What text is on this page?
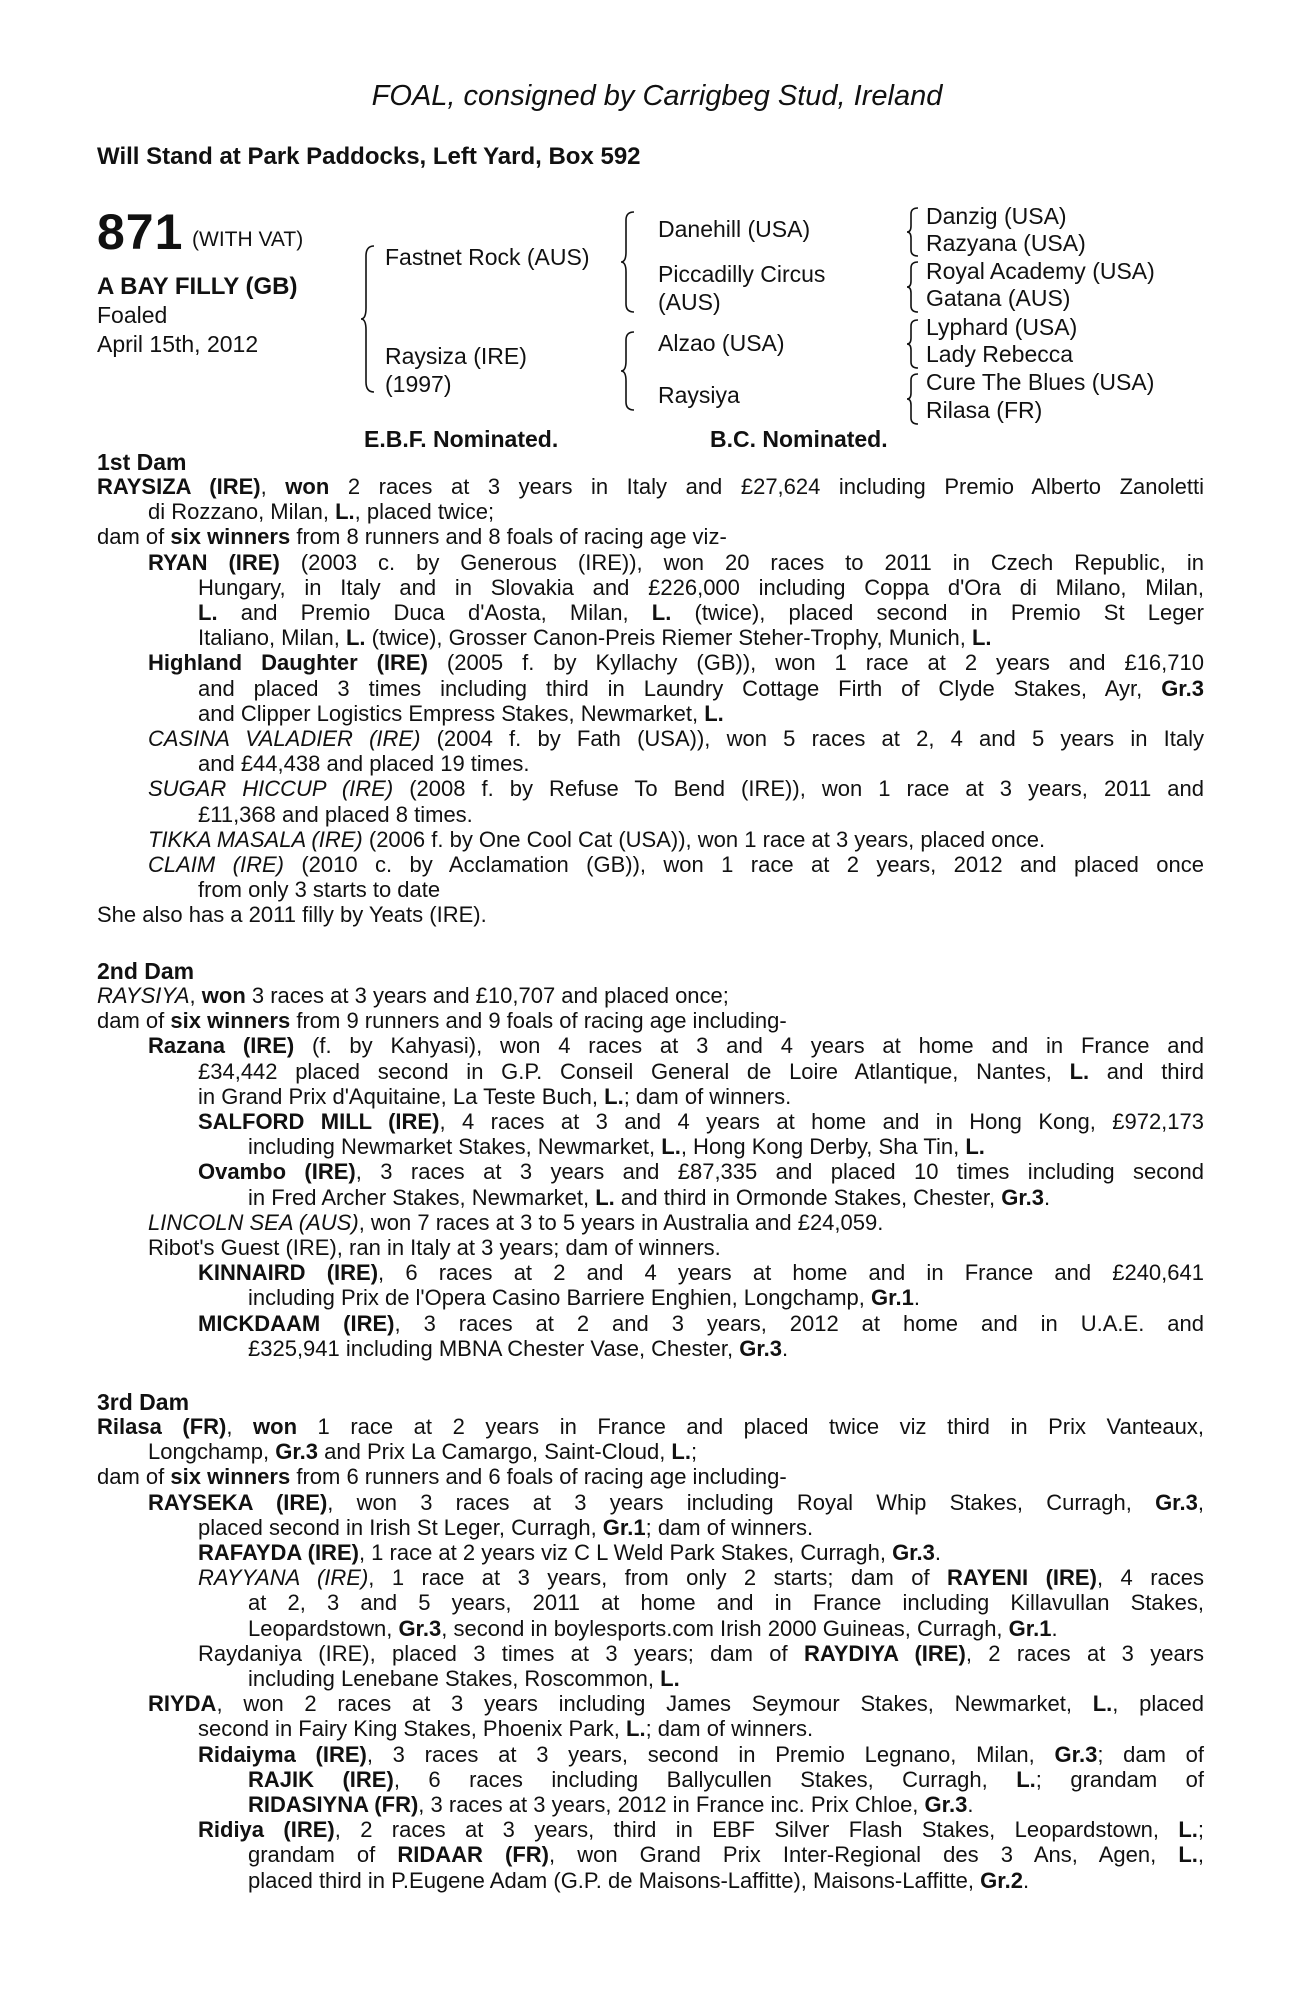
FOAL, consigned by Carrigbeg Stud, Ireland
Will Stand at Park Paddocks, Left Yard, Box 592
871 (WITH VAT)
A BAY FILLY (GB)
Foaled
April 15th, 2012
Fastnet Rock (AUS)
Raysiza (IRE)
(1997)
Danehill (USA)
Piccadilly Circus
(AUS)
Alzao (USA)
Raysiya
Danzig (USA)
Razyana (USA)
Royal Academy (USA)
Gatana (AUS)
Lyphard (USA)
Lady Rebecca
Cure The Blues (USA)
Rilasa (FR)
E.B.F. Nominated.	B.C. Nominated.
1st Dam
RAYSIZA (IRE), won 2 races at 3 years in Italy and £27,624 including Premio Alberto Zanoletti
di Rozzano, Milan, L., placed twice;
dam of six winners from 8 runners and 8 foals of racing age viz-
RYAN (IRE) (2003 c. by Generous (IRE)), won 20 races to 2011 in Czech Republic, in
Hungary, in Italy and in Slovakia and £226,000 including Coppa d'Ora di Milano, Milan,
L. and Premio Duca d'Aosta, Milan, L. (twice), placed second in Premio St Leger
Italiano, Milan, L. (twice), Grosser Canon-Preis Riemer Steher-Trophy, Munich, L.
Highland Daughter (IRE) (2005 f. by Kyllachy (GB)), won 1 race at 2 years and £16,710
and placed 3 times including third in Laundry Cottage Firth of Clyde Stakes, Ayr, Gr.3
and Clipper Logistics Empress Stakes, Newmarket, L.
CASINA VALADIER (IRE) (2004 f. by Fath (USA)), won 5 races at 2, 4 and 5 years in Italy
and £44,438 and placed 19 times.
SUGAR HICCUP (IRE) (2008 f. by Refuse To Bend (IRE)), won 1 race at 3 years, 2011 and
£11,368 and placed 8 times.
TIKKA MASALA (IRE) (2006 f. by One Cool Cat (USA)), won 1 race at 3 years, placed once.
CLAIM (IRE) (2010 c. by Acclamation (GB)), won 1 race at 2 years, 2012 and placed once
from only 3 starts to date
She also has a 2011 filly by Yeats (IRE).
2nd Dam
RAYSIYA, won 3 races at 3 years and £10,707 and placed once;
dam of six winners from 9 runners and 9 foals of racing age including-
Razana (IRE) (f. by Kahyasi), won 4 races at 3 and 4 years at home and in France and
£34,442 placed second in G.P. Conseil General de Loire Atlantique, Nantes, L. and third
in Grand Prix d'Aquitaine, La Teste Buch, L.; dam of winners.
SALFORD MILL (IRE), 4 races at 3 and 4 years at home and in Hong Kong, £972,173
including Newmarket Stakes, Newmarket, L., Hong Kong Derby, Sha Tin, L.
Ovambo (IRE), 3 races at 3 years and £87,335 and placed 10 times including second
in Fred Archer Stakes, Newmarket, L. and third in Ormonde Stakes, Chester, Gr.3.
LINCOLN SEA (AUS), won 7 races at 3 to 5 years in Australia and £24,059.
Ribot's Guest (IRE), ran in Italy at 3 years; dam of winners.
KINNAIRD (IRE), 6 races at 2 and 4 years at home and in France and £240,641
including Prix de l'Opera Casino Barriere Enghien, Longchamp, Gr.1.
MICKDAAM (IRE), 3 races at 2 and 3 years, 2012 at home and in U.A.E. and
£325,941 including MBNA Chester Vase, Chester, Gr.3.
3rd Dam
Rilasa (FR), won 1 race at 2 years in France and placed twice viz third in Prix Vanteaux,
Longchamp, Gr.3 and Prix La Camargo, Saint-Cloud, L.;
dam of six winners from 6 runners and 6 foals of racing age including-
RAYSEKA (IRE), won 3 races at 3 years including Royal Whip Stakes, Curragh, Gr.3,
placed second in Irish St Leger, Curragh, Gr.1; dam of winners.
RAFAYDA (IRE), 1 race at 2 years viz C L Weld Park Stakes, Curragh, Gr.3.
RAYYANA (IRE), 1 race at 3 years, from only 2 starts; dam of RAYENI (IRE), 4 races
at 2, 3 and 5 years, 2011 at home and in France including Killavullan Stakes,
Leopardstown, Gr.3, second in boylesports.com Irish 2000 Guineas, Curragh, Gr.1.
Raydaniya (IRE), placed 3 times at 3 years; dam of RAYDIYA (IRE), 2 races at 3 years
including Lenebane Stakes, Roscommon, L.
RIYDA, won 2 races at 3 years including James Seymour Stakes, Newmarket, L., placed
second in Fairy King Stakes, Phoenix Park, L.; dam of winners.
Ridaiyma (IRE), 3 races at 3 years, second in Premio Legnano, Milan, Gr.3; dam of
RAJIK (IRE), 6 races including Ballycullen Stakes, Curragh, L.; grandam of
RIDASIYNA (FR), 3 races at 3 years, 2012 in France inc. Prix Chloe, Gr.3.
Ridiya (IRE), 2 races at 3 years, third in EBF Silver Flash Stakes, Leopardstown, L.;
grandam of RIDAAR (FR), won Grand Prix Inter-Regional des 3 Ans, Agen, L.,
placed third in P.Eugene Adam (G.P. de Maisons-Laffitte), Maisons-Laffitte, Gr.2.
